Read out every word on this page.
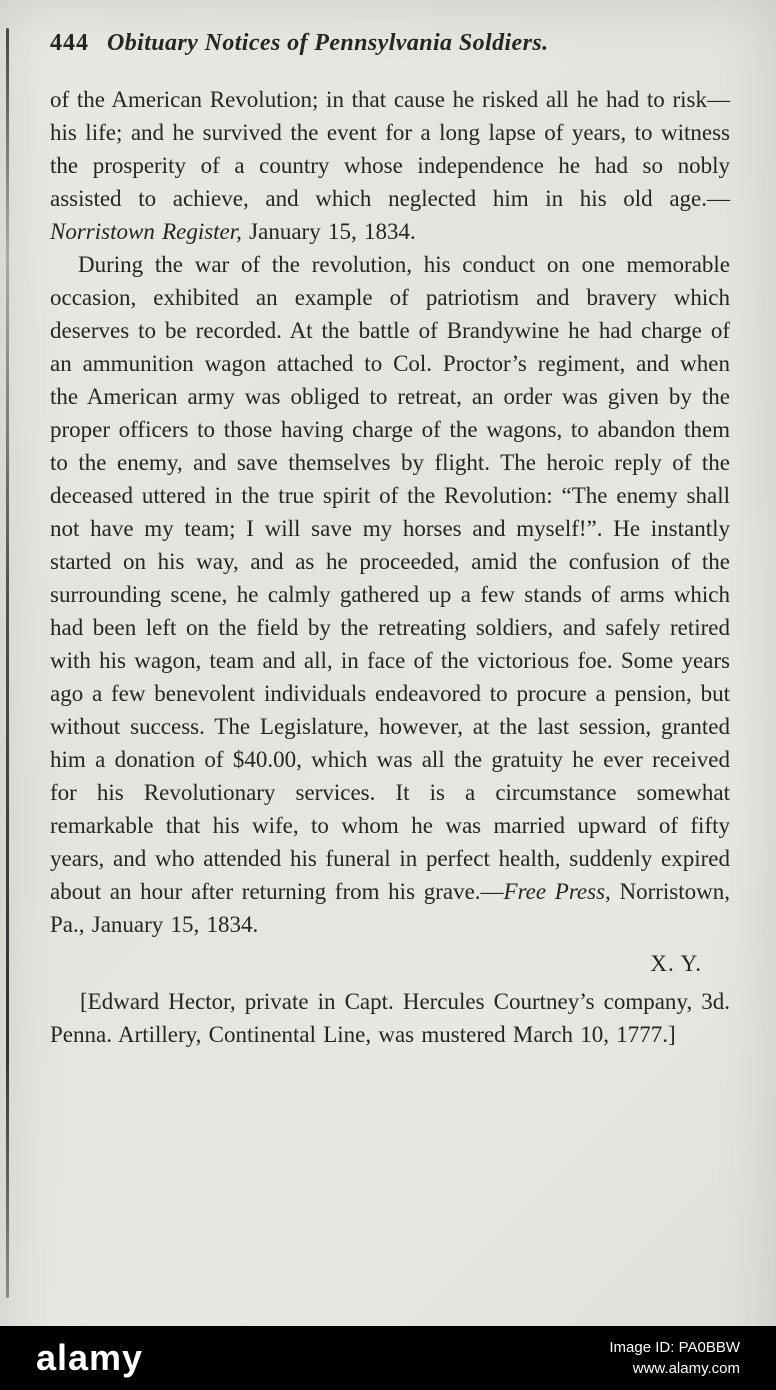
444 Obituary Notices of Pennsylvania Soldiers.

of the American Revolution; in that cause he risked all he had to risk—his life; and he survived the event for a long lapse of years, to witness the prosperity of a country whose independence he had so nobly assisted to achieve, and which neglected him in his old age.—Norristown Register, January 15, 1834.

During the war of the revolution, his conduct on one memorable occasion, exhibited an example of patriotism and bravery which deserves to be recorded. At the battle of Brandywine he had charge of an ammunition wagon attached to Col. Proctor’s regiment, and when the American army was obliged to retreat, an order was given by the proper officers to those having charge of the wagons, to abandon them to the enemy, and save themselves by flight. The heroic reply of the deceased uttered in the true spirit of the Revolution: “The enemy shall not have my team; I will save my horses and myself!”. He instantly started on his way, and as he proceeded, amid the confusion of the surrounding scene, he calmly gathered up a few stands of arms which had been left on the field by the retreating soldiers, and safely retired with his wagon, team and all, in face of the victorious foe. Some years ago a few benevolent individuals endeavored to procure a pension, but without success. The Legislature, however, at the last session, granted him a donation of $40.00, which was all the gratuity he ever received for his Revolutionary services. It is a circumstance somewhat remarkable that his wife, to whom he was married upward of fifty years, and who attended his funeral in perfect health, suddenly expired about an hour after returning from his grave.—Free Press, Norristown, Pa., January 15, 1834.

X. Y.

[Edward Hector, private in Capt. Hercules Courtney’s company, 3d. Penna. Artillery, Continental Line, was mustered March 10, 1777.]

alamy	Image ID: PA0BBW
www.alamy.com
